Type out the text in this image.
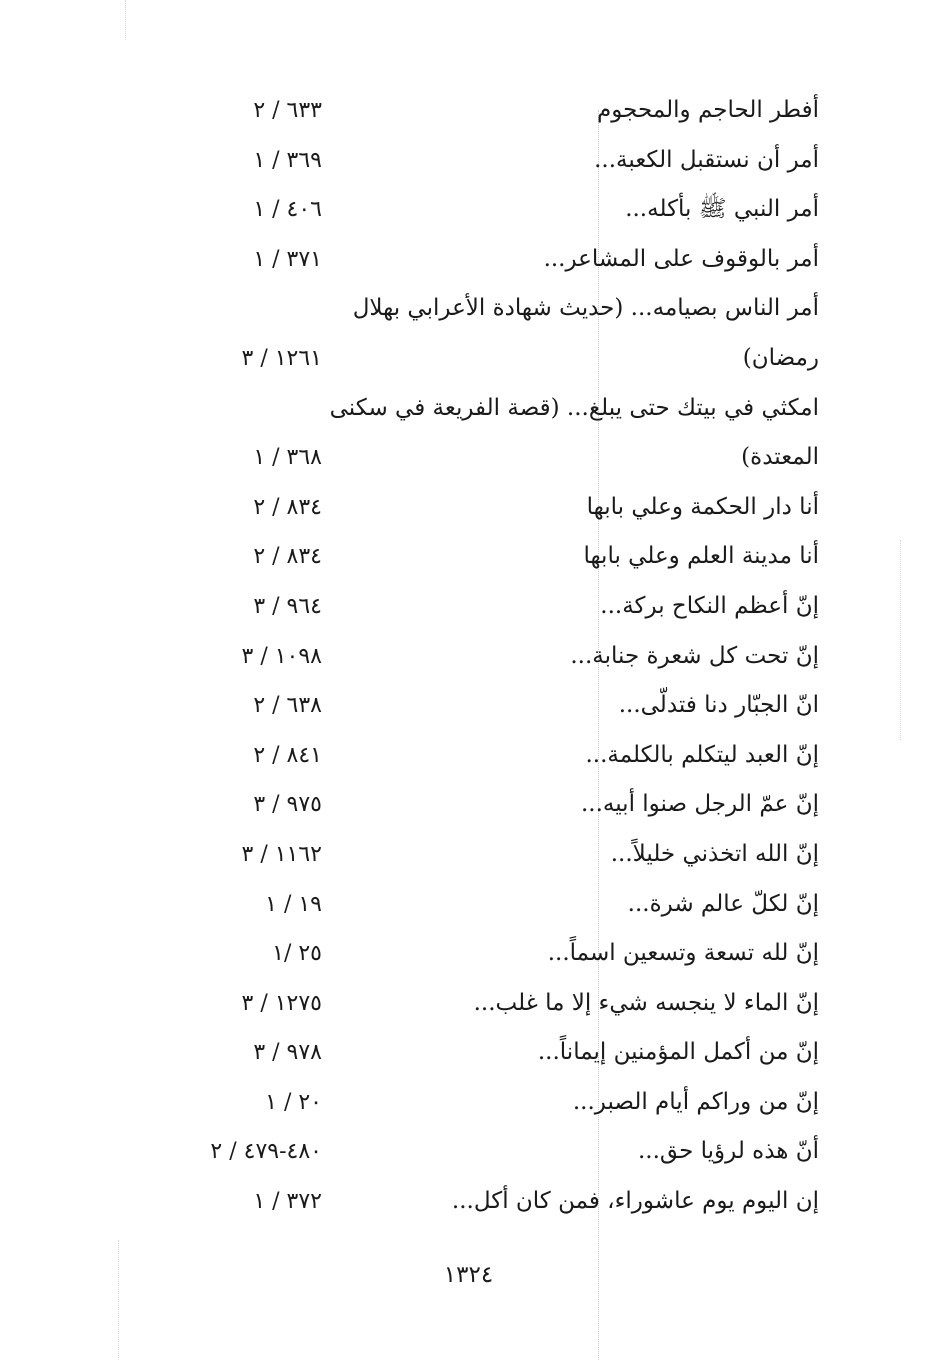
أفطر الحاجم والمحجوم
٦٣٣ / ٢
أمر أن نستقبل الكعبة...
٣٦٩ / ١
أمر النبي ﷺ بأكله...
٤٠٦ / ١
أمر بالوقوف على المشاعر...
٣٧١ / ١
أمر الناس بصيامه... (حديث شهادة الأعرابي بهلال
رمضان)
١٢٦١ / ٣
امكثي في بيتك حتى يبلغ... (قصة الفريعة في سكنى
المعتدة)
٣٦٨ / ١
أنا دار الحكمة وعلي بابها
٨٣٤ / ٢
أنا مدينة العلم وعلي بابها
٨٣٤ / ٢
إنّ أعظم النكاح بركة...
٩٦٤ / ٣
إنّ تحت كل شعرة جنابة...
١٠٩٨ / ٣
انّ الجبّار دنا فتدلّى...
٦٣٨ / ٢
إنّ العبد ليتكلم بالكلمة...
٨٤١ / ٢
إنّ عمّ الرجل صنوا أبيه...
٩٧٥ / ٣
إنّ الله اتخذني خليلاً...
١١٦٢ / ٣
إنّ لكلّ عالم شرة...
١٩ / ١
إنّ لله تسعة وتسعين اسماً...
٢٥ /١
إنّ الماء لا ينجسه شيء إلا ما غلب...
١٢٧٥ / ٣
إنّ من أكمل المؤمنين إيماناً...
٩٧٨ / ٣
إنّ من وراكم أيام الصبر...
٢٠ / ١
أنّ هذه لرؤيا حق...
٤٨٠-٤٧٩ / ٢
إن اليوم يوم عاشوراء، فمن كان أكل...
٣٧٢ / ١
١٣٢٤
